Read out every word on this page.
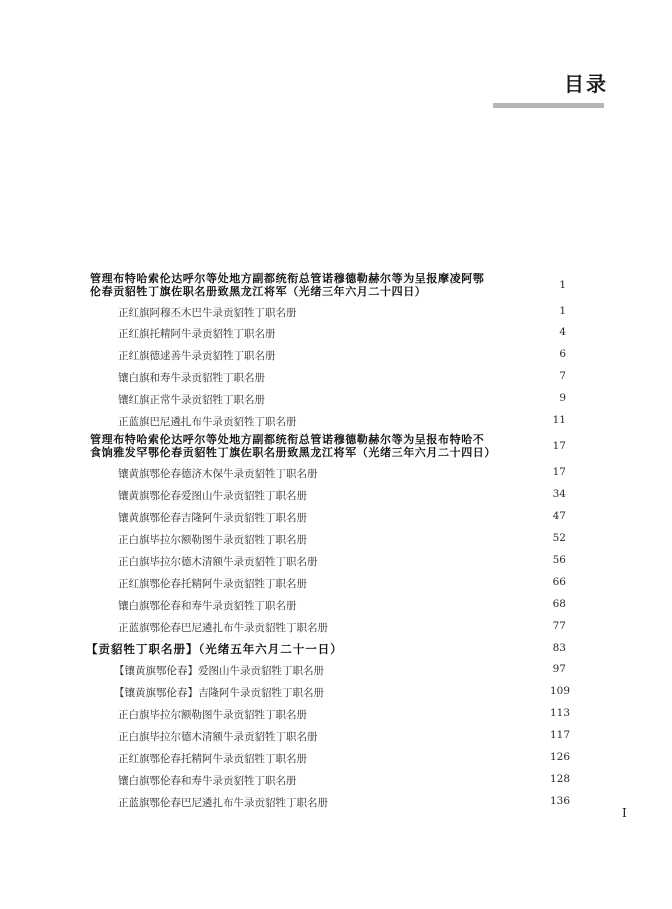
目录
管理布特哈索伦达呼尔等处地方副都统衔总管诺穆德勒赫尔等为呈报摩凌阿鄂
伦春贡貂牲丁旗佐职名册致黑龙江将军（光绪三年六月二十四日）	1
正红旗阿穆丕木巴牛录贡貂牲丁职名册	1
正红旗托精阿牛录贡貂牲丁职名册	4
正红旗德逑善牛录贡貂牲丁职名册	6
镶白旗和寿牛录贡貂牲丁职名册	7
镶红旗正常牛录贡貂牲丁职名册	9
正蓝旗巴尼遴扎布牛录贡貂牲丁职名册	11
管理布特哈索伦达呼尔等处地方副都统衔总管诺穆德勒赫尔等为呈报布特哈不
食饷雅发罕鄂伦春贡貂牲丁旗佐职名册致黑龙江将军（光绪三年六月二十四日）	17
镶黄旗鄂伦春德济木保牛录贡貂牲丁职名册	17
镶黄旗鄂伦春爱图山牛录贡貂牲丁职名册	34
镶黄旗鄂伦春吉隆阿牛录贡貂牲丁职名册	47
正白旗毕拉尔额勒图牛录贡貂牲丁职名册	52
正白旗毕拉尔德木清额牛录贡貂牲丁职名册	56
正红旗鄂伦春托精阿牛录贡貂牲丁职名册	66
镶白旗鄂伦春和寿牛录贡貂牲丁职名册	68
正蓝旗鄂伦春巴尼遴扎布牛录贡貂牲丁职名册	77
【贡貂牲丁职名册】（光绪五年六月二十一日）	83
【镶黄旗鄂伦春】爱图山牛录贡貂牲丁职名册	97
【镶黄旗鄂伦春】吉隆阿牛录贡貂牲丁职名册	109
正白旗毕拉尔额勒图牛录贡貂牲丁职名册	113
正白旗毕拉尔德木清额牛录贡貂牲丁职名册	117
正红旗鄂伦春托精阿牛录贡貂牲丁职名册	126
镶白旗鄂伦春和寿牛录贡貂牲丁职名册	128
正蓝旗鄂伦春巴尼遴扎布牛录贡貂牲丁职名册	136
I
